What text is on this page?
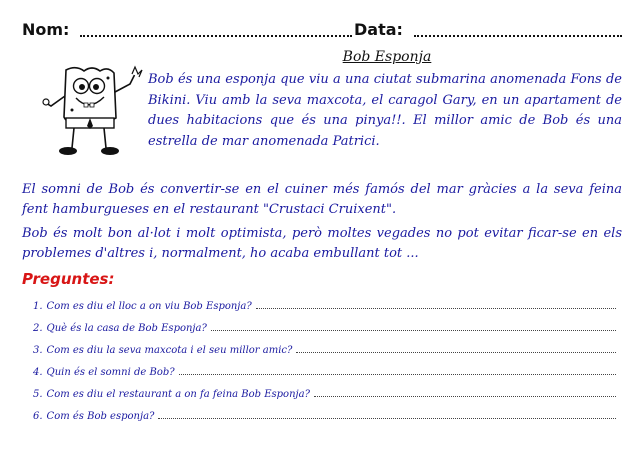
Nom:	Data:
Bob Esponja
Bob és una esponja que viu a una ciutat submarina anomenada Fons de Bikini. Viu amb la seva maxcota, el caragol Gary, en un apartament de dues habitacions que és una pinya!!. El millor amic de Bob és una estrella de mar anomenada Patrici.
El somni de Bob és convertir-se en el cuiner més famós del mar gràcies a la seva feina fent hamburgueses en el restaurant "Crustaci Cruixent".
Bob és molt bon al·lot i molt optimista, però moltes vegades no pot evitar ficar-se en els problemes d'altres i, normalment, ho acaba embullant tot ...
Preguntes:
1. Com es diu el lloc a on viu Bob Esponja?
2. Què és la casa de Bob Esponja?
3. Com es diu la seva maxcota i el seu millor amic?
4. Quin és el somni de Bob?
5. Com es diu el restaurant a on fa feina Bob Esponja?
6. Com és Bob esponja?
